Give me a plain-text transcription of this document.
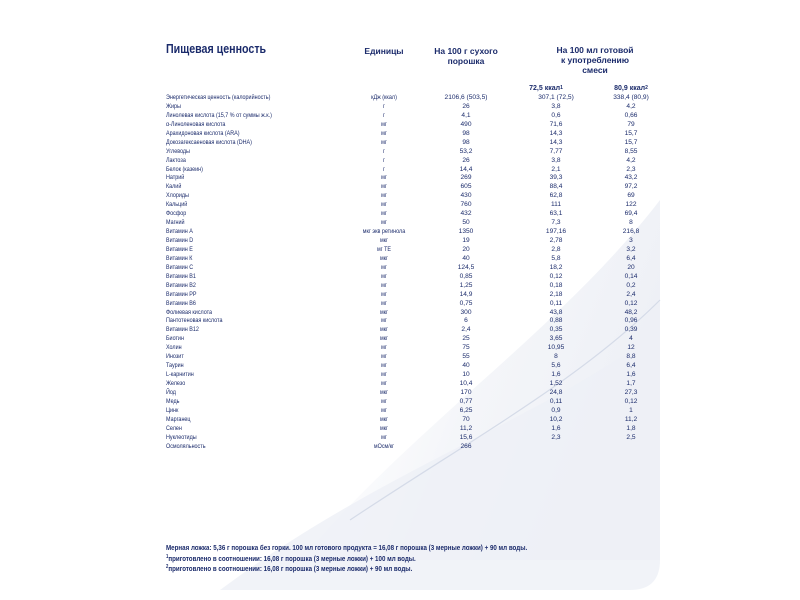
Пищевая ценность	Единицы	На 100 г сухого
порошка
На 100 мл готовой
к употреблению
смеси
72,5 ккал$^1$	80,9 ккал$^2$
Энергетическая ценность (калорийность)	кДж (ккал)	2106,6 (503,5)	307,1 (72,5)	338,4 (80,9)
Жиры	г	26	3,8	4,2
Линолевая кислота (15,7 % от суммы ж.к.)	г	4,1	0,6	0,66
α-Линоленовая кислота	мг	490	71,6	79
Арахидоновая кислота (ARA)	мг	98	14,3	15,7
Докозагексаеновая кислота (DHA)	мг	98	14,3	15,7
Углеводы	г	53,2	7,77	8,55
Лактоза	г	26	3,8	4,2
Белок (казеин)	г	14,4	2,1	2,3
Натрий	мг	269	39,3	43,2
Калий	мг	605	88,4	97,2
Хлориды	мг	430	62,8	69
Кальций	мг	760	111	122
Фосфор	мг	432	63,1	69,4
Магний	мг	50	7,3	8
Витамин А	мкг экв ретинола	1350	197,16	216,8
Витамин D	мкг	19	2,78	3
Витамин Е	мг ТЕ	20	2,8	3,2
Витамин К	мкг	40	5,8	6,4
Витамин С	мг	124,5	18,2	20
Витамин В1	мг	0,85	0,12	0,14
Витамин В2	мг	1,25	0,18	0,2
Витамин РР	мг	14,9	2,18	2,4
Витамин В6	мг	0,75	0,11	0,12
Фолиевая кислота	мкг	300	43,8	48,2
Пантотеновая кислота	мг	6	0,88	0,96
Витамин В12	мкг	2,4	0,35	0,39
Биотин	мкг	25	3,65	4
Холин	мг	75	10,95	12
Инозит	мг	55	8	8,8
Таурин	мг	40	5,6	6,4
L-карнитин	мг	10	1,6	1,6
Железо	мг	10,4	1,52	1,7
Йод	мкг	170	24,8	27,3
Медь	мг	0,77	0,11	0,12
Цинк	мг	6,25	0,9	1
Марганец	мкг	70	10,2	11,2
Селен	мкг	11,2	1,6	1,8
Нуклеотиды	мг	15,6	2,3	2,5
Осмоляльность	мОсм/кг	266
Мерная ложка: 5,36 г порошка без горки. 100 мл готового продукта = 16,08 г порошка (3 мерные ложки) + 90 мл воды.
$^1$приготовлено в соотношении: 16,08 г порошка (3 мерные ложки) + 100 мл воды.
$^2$приготовлено в соотношении: 16,08 г порошка (3 мерные ложки) + 90 мл воды.
